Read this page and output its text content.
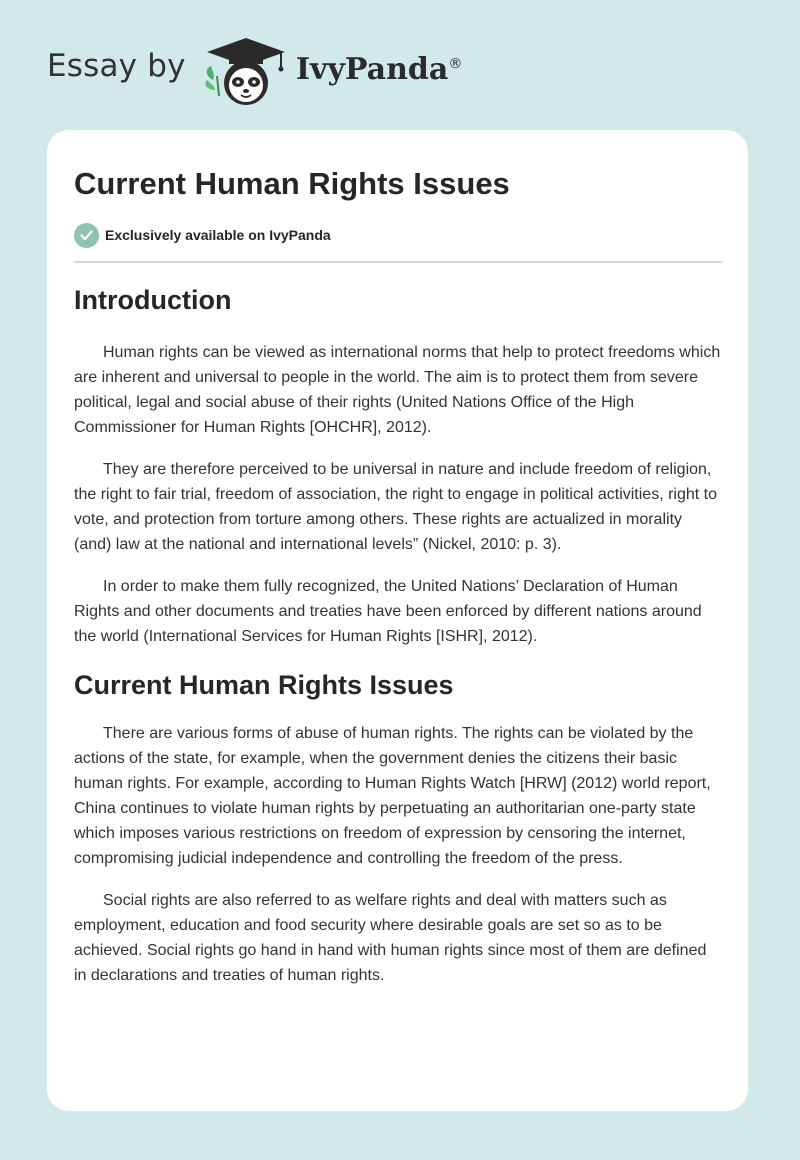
Essay by	IvyPanda®
Current Human Rights Issues
Exclusively available on IvyPanda
Introduction

Human rights can be viewed as international norms that help to protect freedoms which are inherent and universal to people in the world. The aim is to protect them from severe political, legal and social abuse of their rights (United Nations Office of the High Commissioner for Human Rights [OHCHR], 2012).

They are therefore perceived to be universal in nature and include freedom of religion, the right to fair trial, freedom of association, the right to engage in political activities, right to vote, and protection from torture among others. These rights are actualized in morality (and) law at the national and international levels” (Nickel, 2010: p. 3).

In order to make them fully recognized, the United Nations’ Declaration of Human Rights and other documents and treaties have been enforced by different nations around the world (International Services for Human Rights [ISHR], 2012).

Current Human Rights Issues

There are various forms of abuse of human rights. The rights can be violated by the actions of the state, for example, when the government denies the citizens their basic human rights. For example, according to Human Rights Watch [HRW] (2012) world report, China continues to violate human rights by perpetuating an authoritarian one-party state which imposes various restrictions on freedom of expression by censoring the internet, compromising judicial independence and controlling the freedom of the press.

Social rights are also referred to as welfare rights and deal with matters such as employment, education and food security where desirable goals are set so as to be achieved. Social rights go hand in hand with human rights since most of them are defined in declarations and treaties of human rights.
